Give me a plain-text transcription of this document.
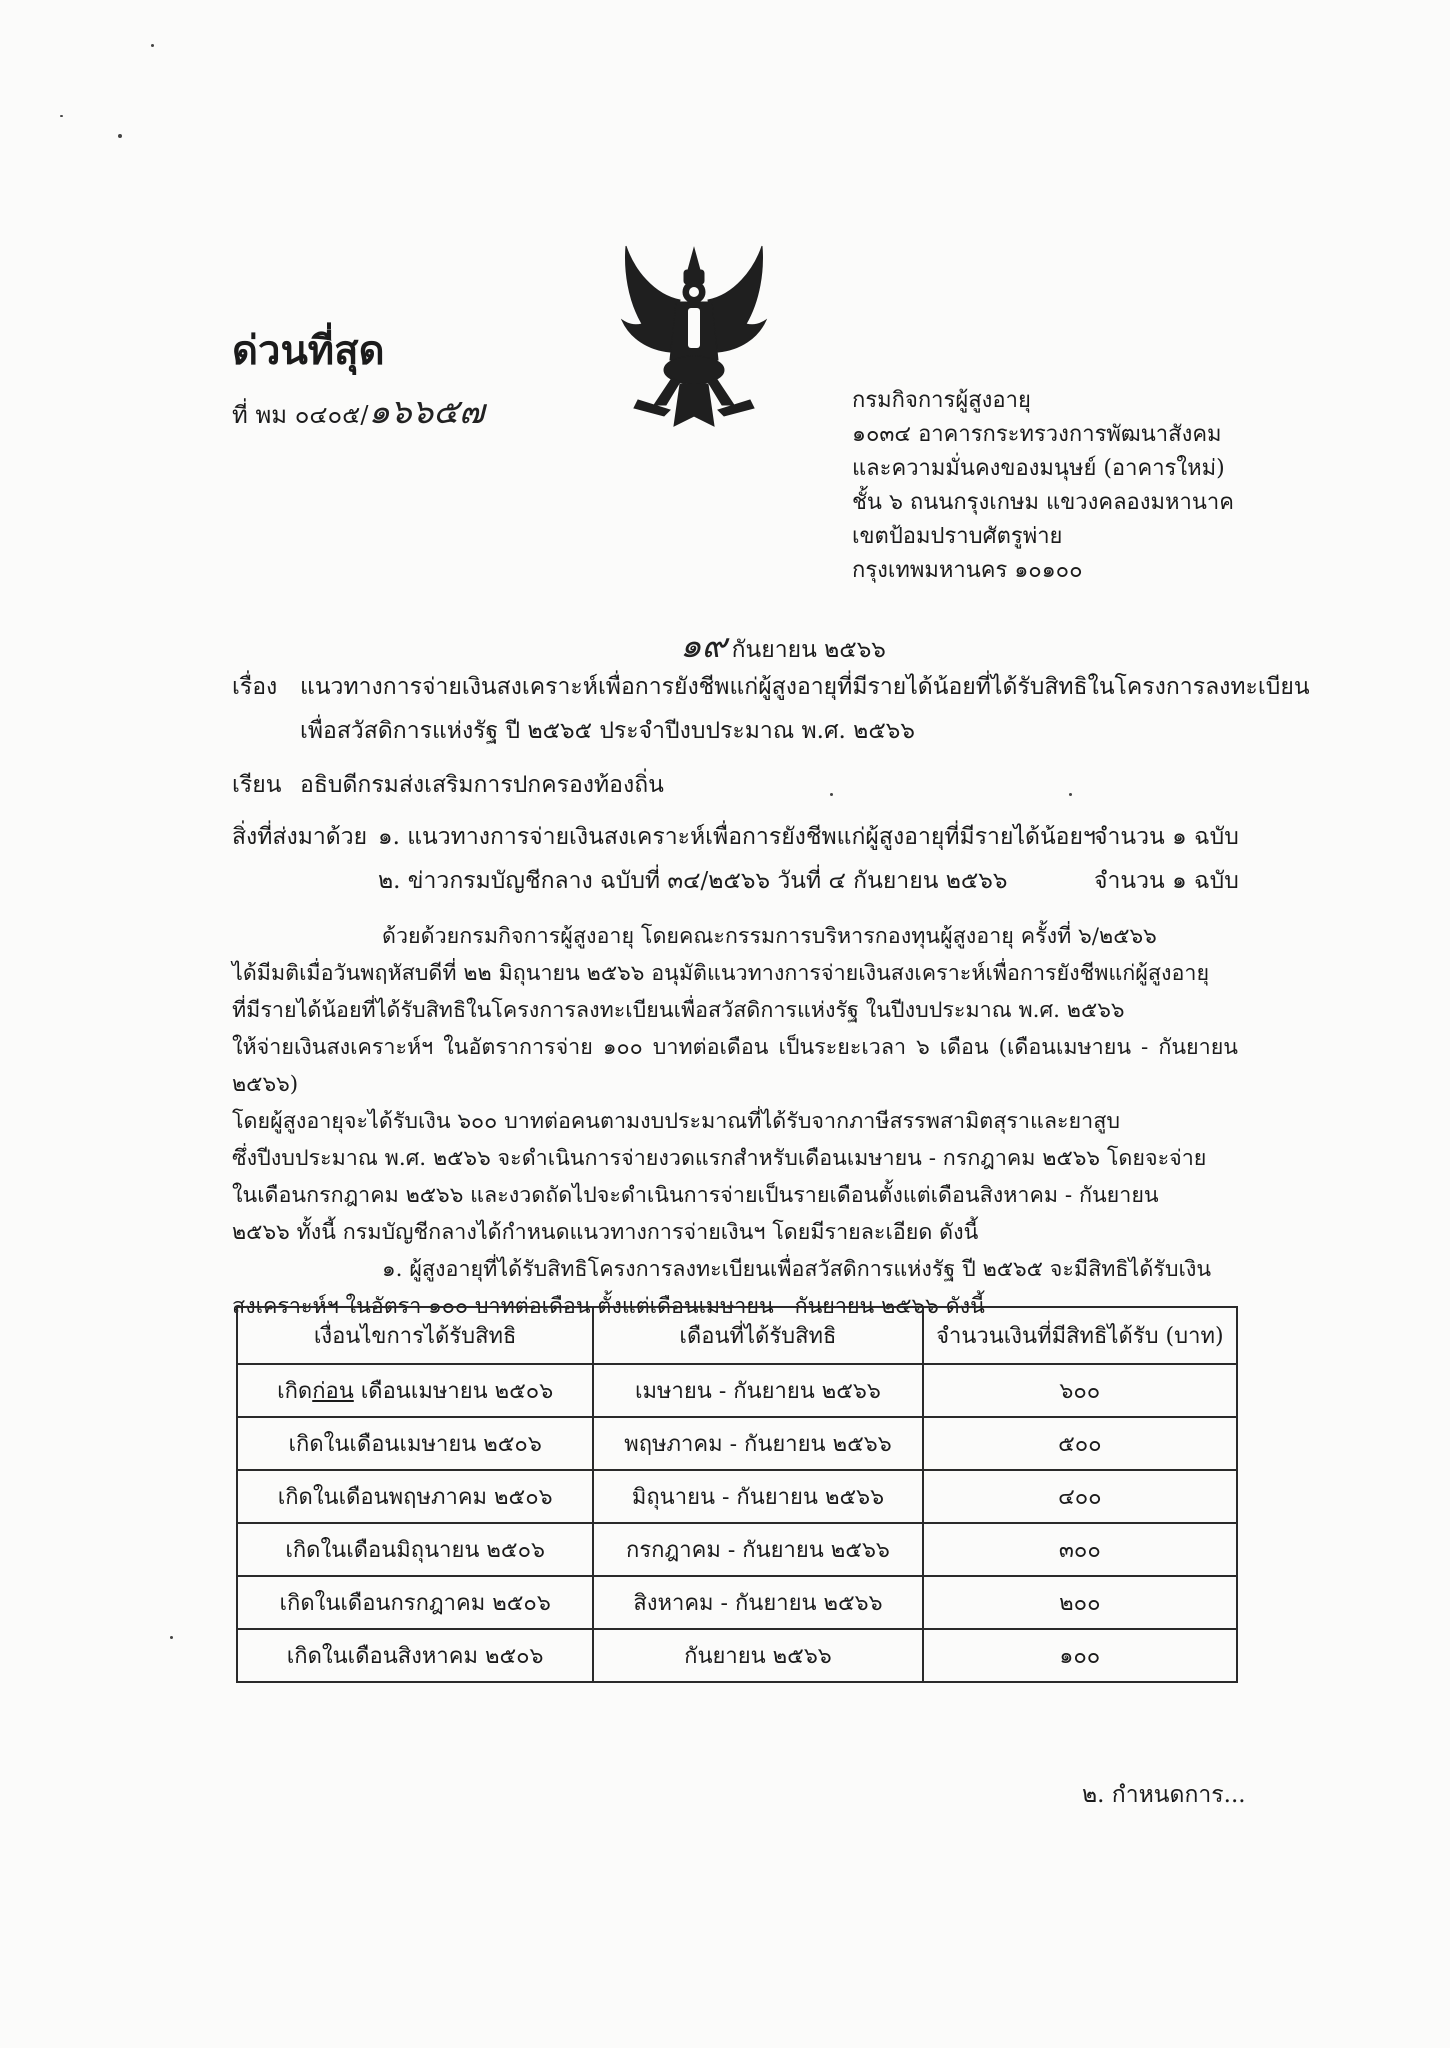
ด่วนที่สุด
ที่ พม ๐๔๐๕/๑๖๖๕๗	กรมกิจการผู้สูงอายุ
๑๐๓๔ อาคารกระทรวงการพัฒนาสังคม
และความมั่นคงของมนุษย์ (อาคารใหม่)
ชั้น ๖ ถนนกรุงเกษม แขวงคลองมหานาค
เขตป้อมปราบศัตรูพ่าย
กรุงเทพมหานคร ๑๐๑๐๐
๑๙ กันยายน ๒๕๖๖
เรื่อง แนวทางการจ่ายเงินสงเคราะห์เพื่อการยังชีพแก่ผู้สูงอายุที่มีรายได้น้อยที่ได้รับสิทธิในโครงการลงทะเบียน
เพื่อสวัสดิการแห่งรัฐ ปี ๒๕๖๕ ประจำปีงบประมาณ พ.ศ. ๒๕๖๖
เรียน อธิบดีกรมส่งเสริมการปกครองท้องถิ่น
สิ่งที่ส่งมาด้วย ๑. แนวทางการจ่ายเงินสงเคราะห์เพื่อการยังชีพแก่ผู้สูงอายุที่มีรายได้น้อยฯ
จำนวน ๑ ฉบับ
๒. ข่าวกรมบัญชีกลาง ฉบับที่ ๓๔/๒๕๖๖ วันที่ ๔ กันยายน ๒๕๖๖	จำนวน ๑ ฉบับ
ด้วยด้วยกรมกิจการผู้สูงอายุ โดยคณะกรรมการบริหารกองทุนผู้สูงอายุ ครั้งที่ ๖/๒๕๖๖
ได้มีมติเมื่อวันพฤหัสบดีที่ ๒๒ มิถุนายน ๒๕๖๖ อนุมัติแนวทางการจ่ายเงินสงเคราะห์เพื่อการยังชีพแก่ผู้สูงอายุ
ที่มีรายได้น้อยที่ได้รับสิทธิในโครงการลงทะเบียนเพื่อสวัสดิการแห่งรัฐ ในปีงบประมาณ พ.ศ. ๒๕๖๖
ให้จ่ายเงินสงเคราะห์ฯ ในอัตราการจ่าย ๑๐๐ บาทต่อเดือน เป็นระยะเวลา ๖ เดือน (เดือนเมษายน - กันยายน ๒๕๖๖)
โดยผู้สูงอายุจะได้รับเงิน ๖๐๐ บาทต่อคนตามงบประมาณที่ได้รับจากภาษีสรรพสามิตสุราและยาสูบ
ซึ่งปีงบประมาณ พ.ศ. ๒๕๖๖ จะดำเนินการจ่ายงวดแรกสำหรับเดือนเมษายน - กรกฎาคม ๒๕๖๖ โดยจะจ่าย
ในเดือนกรกฎาคม ๒๕๖๖ และงวดถัดไปจะดำเนินการจ่ายเป็นรายเดือนตั้งแต่เดือนสิงหาคม - กันยายน
๒๕๖๖ ทั้งนี้ กรมบัญชีกลางได้กำหนดแนวทางการจ่ายเงินฯ โดยมีรายละเอียด ดังนี้
๑. ผู้สูงอายุที่ได้รับสิทธิโครงการลงทะเบียนเพื่อสวัสดิการแห่งรัฐ ปี ๒๕๖๕ จะมีสิทธิได้รับเงิน
สงเคราะห์ฯ ในอัตรา ๑๐๐ บาทต่อเดือน ตั้งแต่เดือนเมษายน - กันยายน ๒๕๖๖ ดังนี้
เงื่อนไขการได้รับสิทธิ	เดือนที่ได้รับสิทธิ	จำนวนเงินที่มีสิทธิได้รับ (บาท)
เกิดก่อน เดือนเมษายน ๒๕๐๖	เมษายน - กันยายน ๒๕๖๖	๖๐๐
เกิดในเดือนเมษายน ๒๕๐๖	พฤษภาคม - กันยายน ๒๕๖๖	๕๐๐
เกิดในเดือนพฤษภาคม ๒๕๐๖	มิถุนายน - กันยายน ๒๕๖๖	๔๐๐
เกิดในเดือนมิถุนายน ๒๕๐๖	กรกฎาคม - กันยายน ๒๕๖๖	๓๐๐
เกิดในเดือนกรกฎาคม ๒๕๐๖	สิงหาคม - กันยายน ๒๕๖๖	๒๐๐
เกิดในเดือนสิงหาคม ๒๕๐๖	กันยายน ๒๕๖๖	๑๐๐
๒. กำหนดการ...
